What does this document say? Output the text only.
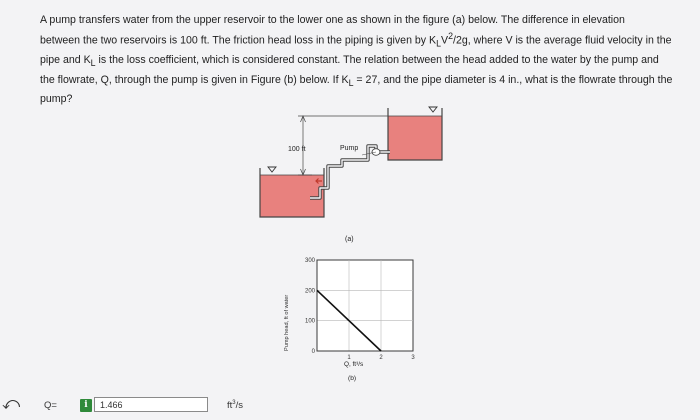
A pump transfers water from the upper reservoir to the lower one as shown in the figure (a) below. The difference in elevation

between the two reservoirs is 100 ft. The friction head loss in the piping is given by $K_LV^2/2g$, where V is the average fluid velocity in the

pipe and $K_L$ is the loss coefficient, which is considered constant. The relation between the head added to the water by the pump and

the flowrate, Q, through the pump is given in Figure (b) below. If $K_L = 27$, and the pipe diameter is 4 in., what is the flowrate through the

pump?

100 ft	Pump
(a)
0
100
200
300
1	2	3
Pump head, ft of water
Q, ft³/s
(b)
⤺	Q=	i
1.466	$ft^3/s$
